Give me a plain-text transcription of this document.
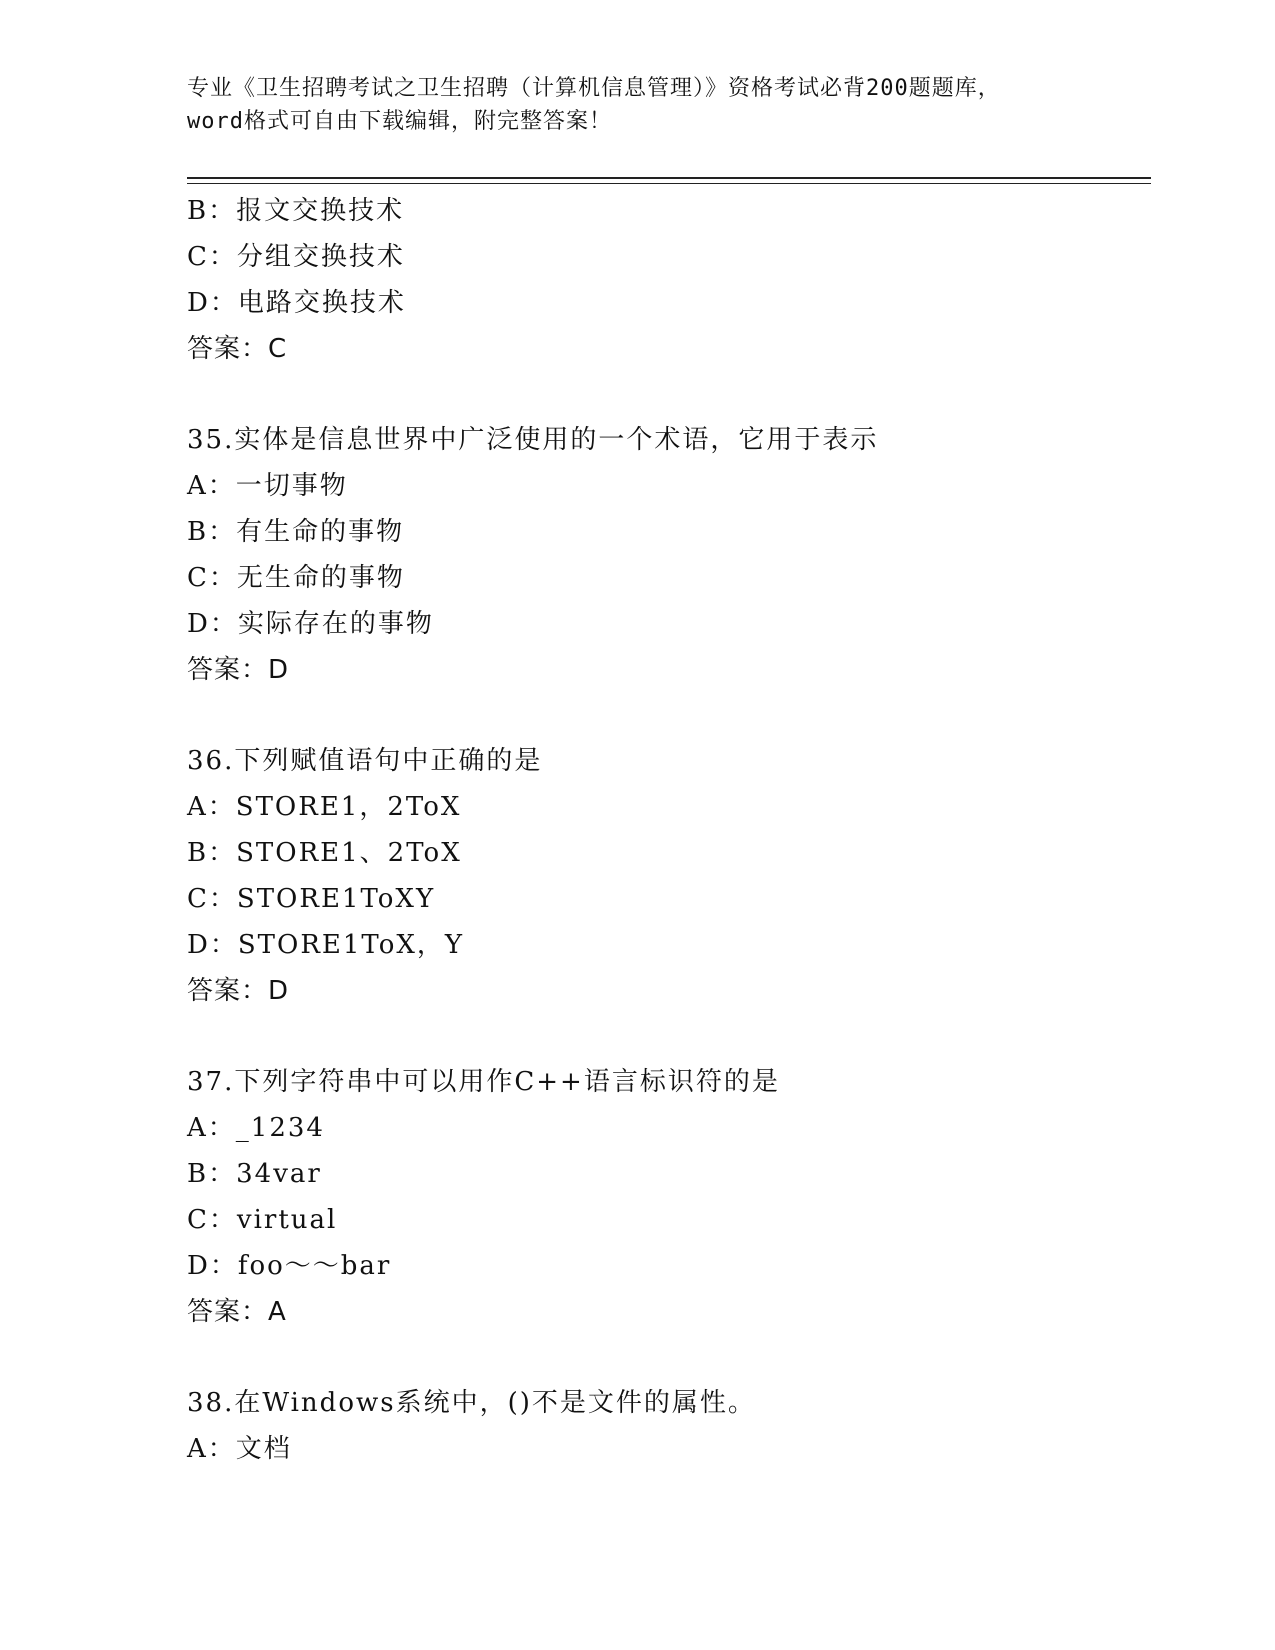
专业《卫生招聘考试之卫生招聘（计算机信息管理）》资格考试必背200题题库，
word格式可自由下载编辑，附完整答案！
B：报文交换技术
C：分组交换技术
D：电路交换技术
答案：C
35.实体是信息世界中广泛使用的一个术语，它用于表示
A：一切事物
B：有生命的事物
C：无生命的事物
D：实际存在的事物
答案：D
36.下列赋值语句中正确的是
A：STORE1，2ToX
B：STORE1、2ToX
C：STORE1ToXY
D：STORE1ToX，Y
答案：D
37.下列字符串中可以用作C++语言标识符的是
A：_1234
B：34var
C：virtual
D：foo～～bar
答案：A
38.在Windows系统中，()不是文件的属性。
A：文档
